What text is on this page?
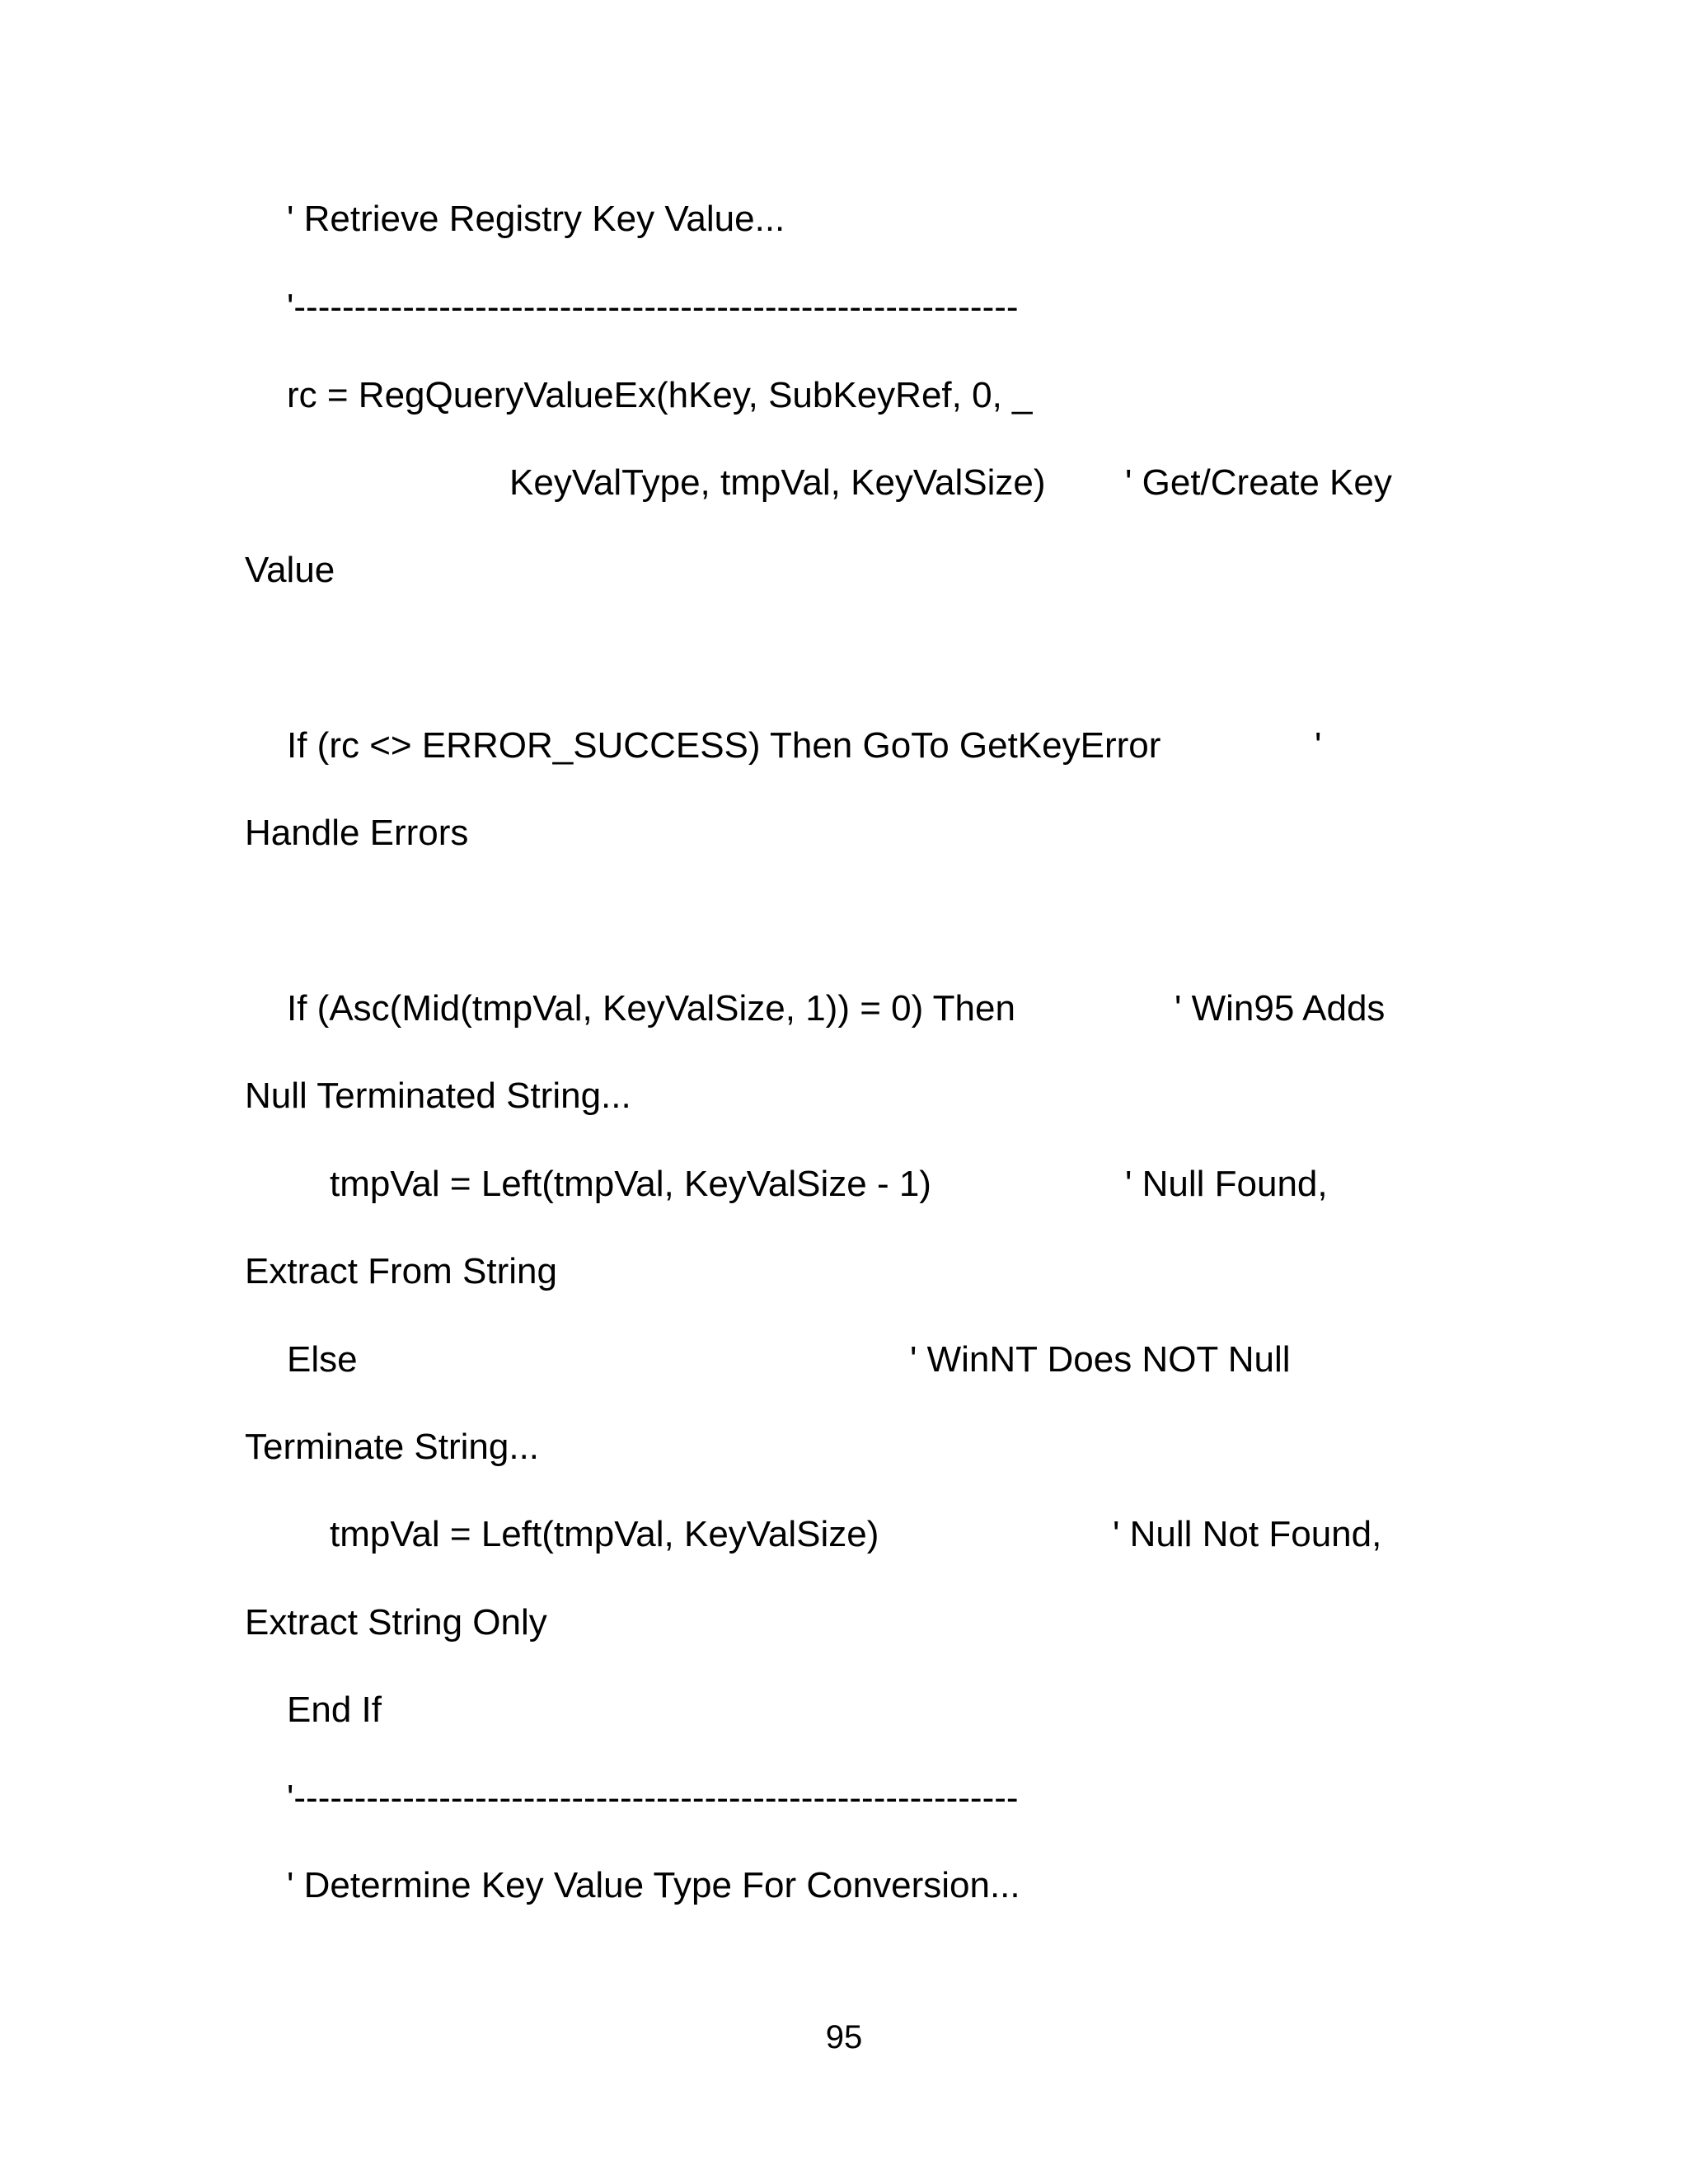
' Retrieve Registry Key Value...

'------------------------------------------------------------

rc = RegQueryValueEx(hKey, SubKeyRef, 0, _

KeyValType, tmpVal, KeyValSize) ' Get/Create Key

Value

If (rc <> ERROR_SUCCESS) Then GoTo GetKeyError	'

Handle Errors

If (Asc(Mid(tmpVal, KeyValSize, 1)) = 0) Then	' Win95 Adds

Null Terminated String...

tmpVal = Left(tmpVal, KeyValSize - 1)	' Null Found,

Extract From String

Else	' WinNT Does NOT Null

Terminate String...

tmpVal = Left(tmpVal, KeyValSize)	' Null Not Found,

Extract String Only

End If

'------------------------------------------------------------

' Determine Key Value Type For Conversion...

95
